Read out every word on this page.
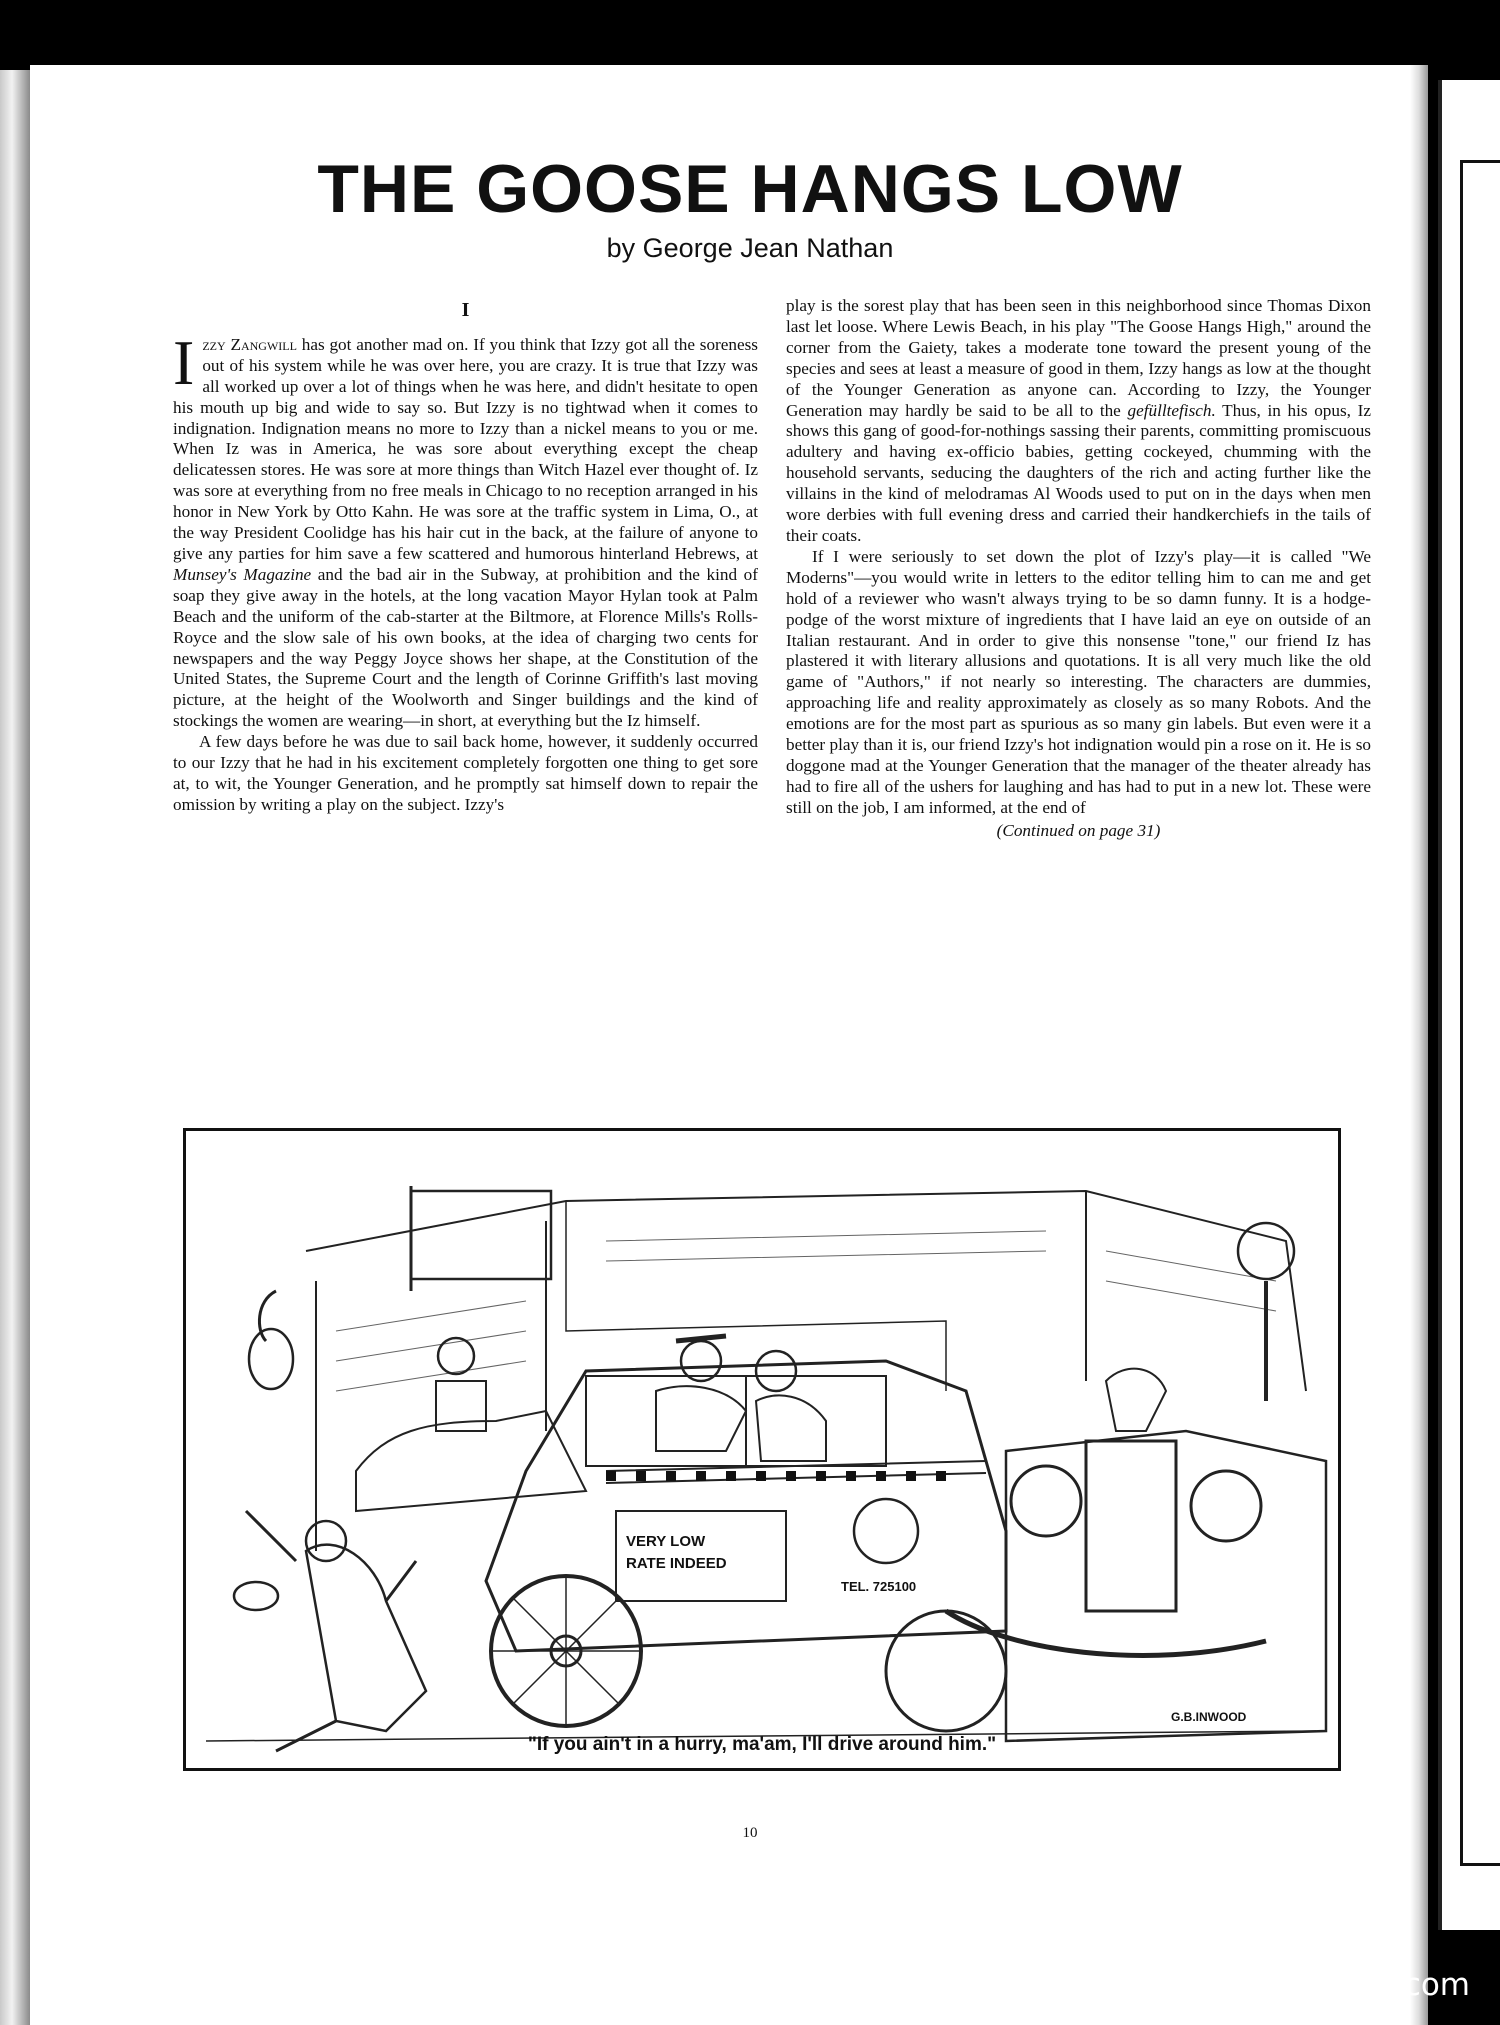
THE GOOSE HANGS LOW
by George Jean Nathan
I

Izzy Zangwill has got another mad on. If you think that Izzy got all the soreness out of his system while he was over here, you are crazy. It is true that Izzy was all worked up over a lot of things when he was here, and didn't hesitate to open his mouth up big and wide to say so. But Izzy is no tightwad when it comes to indignation. Indignation means no more to Izzy than a nickel means to you or me. When Iz was in America, he was sore about everything except the cheap delicatessen stores. He was sore at more things than Witch Hazel ever thought of. Iz was sore at everything from no free meals in Chicago to no reception arranged in his honor in New York by Otto Kahn. He was sore at the traffic system in Lima, O., at the way President Coolidge has his hair cut in the back, at the failure of anyone to give any parties for him save a few scattered and humorous hinterland Hebrews, at Munsey's Magazine and the bad air in the Subway, at prohibition and the kind of soap they give away in the hotels, at the long vacation Mayor Hylan took at Palm Beach and the uniform of the cab-starter at the Biltmore, at Florence Mills's Rolls-Royce and the slow sale of his own books, at the idea of charging two cents for newspapers and the way Peggy Joyce shows her shape, at the Constitution of the United States, the Supreme Court and the length of Corinne Griffith's last moving picture, at the height of the Woolworth and Singer buildings and the kind of stockings the women are wearing—in short, at everything but the Iz himself.

A few days before he was due to sail back home, however, it suddenly occurred to our Izzy that he had in his excitement completely forgotten one thing to get sore at, to wit, the Younger Generation, and he promptly sat himself down to repair the omission by writing a play on the subject. Izzy's

play is the sorest play that has been seen in this neighborhood since Thomas Dixon last let loose. Where Lewis Beach, in his play "The Goose Hangs High," around the corner from the Gaiety, takes a moderate tone toward the present young of the species and sees at least a measure of good in them, Izzy hangs as low at the thought of the Younger Generation as anyone can. According to Izzy, the Younger Generation may hardly be said to be all to the gefülltefisch. Thus, in his opus, Iz shows this gang of good-for-nothings sassing their parents, committing promiscuous adultery and having ex-officio babies, getting cockeyed, chumming with the household servants, seducing the daughters of the rich and acting further like the villains in the kind of melodramas Al Woods used to put on in the days when men wore derbies with full evening dress and carried their handkerchiefs in the tails of their coats.

If I were seriously to set down the plot of Izzy's play—it is called "We Moderns"—you would write in letters to the editor telling him to can me and get hold of a reviewer who wasn't always trying to be so damn funny. It is a hodge-podge of the worst mixture of ingredients that I have laid an eye on outside of an Italian restaurant. And in order to give this nonsense "tone," our friend Iz has plastered it with literary allusions and quotations. It is all very much like the old game of "Authors," if not nearly so interesting. The characters are dummies, approaching life and reality approximately as closely as so many Robots. And the emotions are for the most part as spurious as so many gin labels. But even were it a better play than it is, our friend Izzy's hot indignation would pin a rose on it. He is so doggone mad at the Younger Generation that the manager of the theater already has had to fire all of the ushers for laughing and has had to put in a new lot. These were still on the job, I am informed, at the end of

(Continued on page 31)
VERY LOW
RATE INDEED
TEL. 725100
G.B.INWOOD
"If you ain't in a hurry, ma'am, I'll drive around him."
10
comicbooks.com
